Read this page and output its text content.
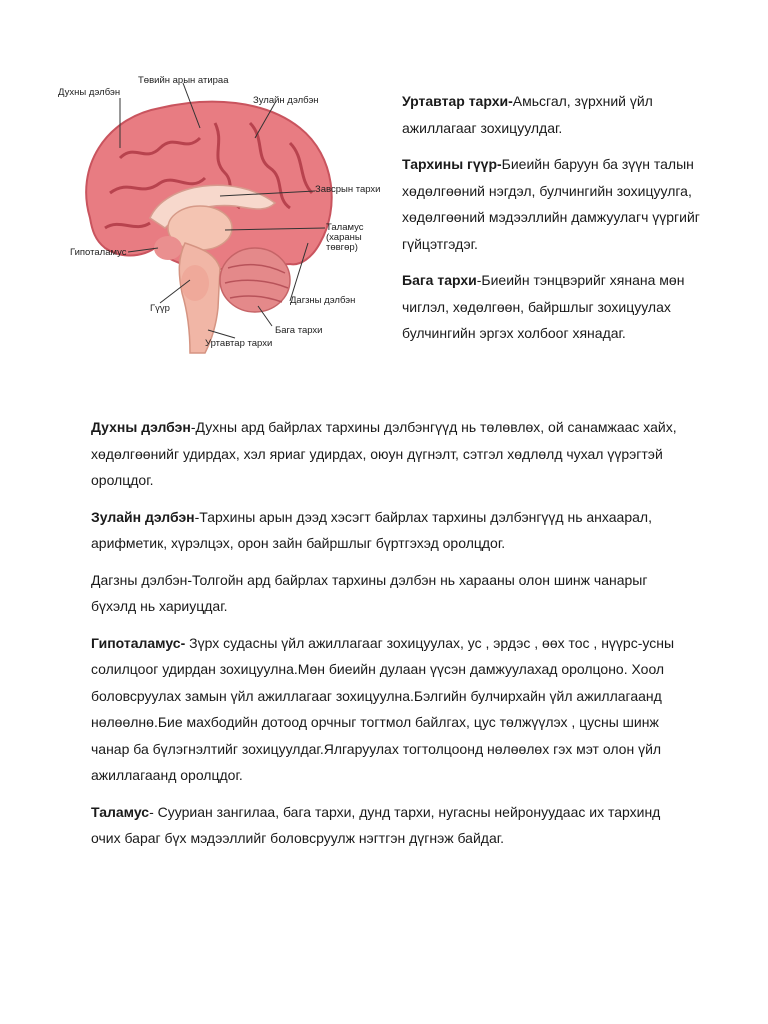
Духны дэлбэн
Төвийн арын атираа
Зулайн дэлбэн
Завсрын тархи
Таламус (хараны төвгөр)
Гипоталамус
Гүүр
Дагзны дэлбэн
Бага тархи
Уртавтар тархи

Уртавтар тархи-Амьсгал, зүрхний үйл ажиллагааг зохицуулдаг.

Тархины гүүр-Биеийн баруун ба зүүн талын хөдөлгөөний нэгдэл, булчингийн зохицуулга, хөдөлгөөний мэдээллийн дамжуулагч үүргийг гүйцэтгэдэг.

Бага тархи-Биеийн тэнцвэрийг хянана мөн чиглэл, хөдөлгөөн, байршлыг зохицуулах булчингийн эргэх холбоог хянадаг.

Духны дэлбэн-Духны ард байрлах тархины дэлбэнгүүд нь төлөвлөх, ой санамжаас хайх, хөдөлгөөнийг удирдах, хэл яриаг удирдах, оюун дүгнэлт, сэтгэл хөдлөлд чухал үүрэгтэй оролцдог.

Зулайн дэлбэн-Тархины арын дээд хэсэгт байрлах тархины дэлбэнгүүд нь анхаарал, арифметик, хүрэлцэх, орон зайн байршлыг бүртгэхэд оролцдог.

Дагзны дэлбэн-Толгойн ард байрлах тархины дэлбэн нь харааны олон шинж чанарыг бүхэлд нь хариуцдаг.

Гипоталамус- Зүрх судасны үйл ажиллагааг зохицуулах, ус , эрдэс , өөх тос , нүүрс-усны солилцоог удирдан зохицуулна.Мөн биеийн дулаан үүсэн дамжуулахад оролцоно. Хоол боловсруулах замын үйл ажиллагааг зохицуулна.Бэлгийн булчирхайн үйл ажиллагаанд нөлөөлнө.Бие махбодийн дотоод орчныг тогтмол байлгах, цус төлжүүлэх , цусны шинж чанар ба бүлэгнэлтийг зохицуулдаг.Ялгаруулах тогтолцоонд нөлөөлөх гэх мэт олон үйл ажиллагаанд оролцдог.

Таламус- Сууриан зангилаа, бага тархи, дунд тархи, нугасны нейронуудаас их тархинд очих бараг бүх мэдээллийг боловсруулж нэгтгэн дүгнэж байдаг.
